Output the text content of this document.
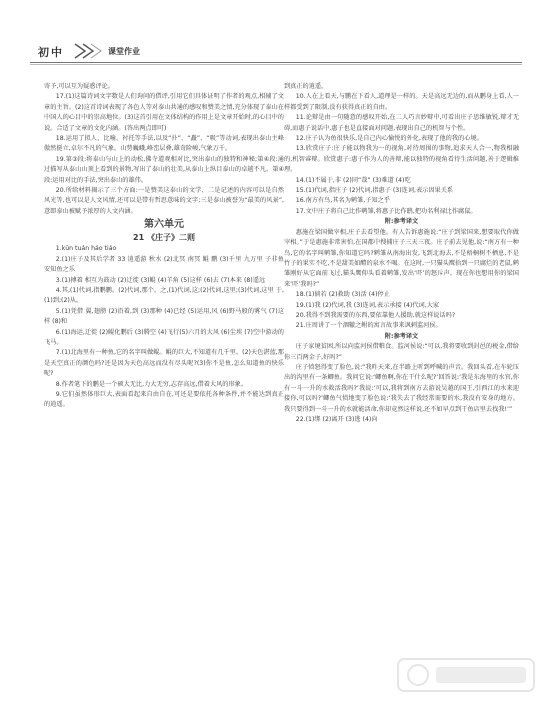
初中	课堂作业

寄予,可以互为疑惑评论。

17.(1)这篇诗词文字数是人们询问的借评,引用它们具体证明了作者的观点,相辅了文章的主旨。(2)这首诗词表现了各色人等对泰山共通的感叹和赞美之情,充分体现了泰山在中国人的心目中的崇高地位。(3)这首引用在文体结构的作用上是文章开始时,的心目中的说。合适了文章的文化内涵。(答出两点即可)

18.运用了拟人、比喻、衬托等手法,以及“扑”、“矗”、“吸”等动词,表现出泰山主峰傲然挺立,卓尔不凡的气象。山势巍峨,峰峦层叠,雄奇险峻,气象万千。

19.第③段:将泰山与山上的动松,佛寺道观相对比,突出泰山的独特和神秘;第④段:通过描写从泰山山顶上看到的景物,写出了泰山的壮美,从泰山上纵目泰山的卓越不凡。第④段:运用对比的手法,突出泰山的雄伟。

20.所给材料揭示了三个方面:一是赞美这泰山的文学、二是记述的内容可以是自然风光等,也可以是人文风情,还可以是带有哲思意味的文字;三是泰山被誉为“最美的风景”,意即泰山被赋予浓厚的人文内涵。

第六单元
21 《庄子》二则

1.kūn tuán háo tiáo

2.(1)庄子及其后学者 33 逍遥游 秋水 (2)北冥 南冥 鲲 鹏 (3)千里 九万里 子非鱼 安知鱼之乐

3.(1)搏着 相互为鼓动 (2)迁徙 (3)鲲 (4)羊角 (5)这样 (6)去 (7)本来 (8)遥远

4.其,(1)代词,指鹏鹏。(2)代词,那个。之,(1)代词,这;(2)代词,这里;(3)代词,这里 于,(1)到;(2)从。

5.(1)凭借 翼,翅膀 (2)沿着,到 (3)那种 (4)已经 (5)运用,风 (6)野马般的雾气 (7)这样 (8)和

6.(1)海运,迁徙 (2)鲲化鹏后 (3)腾空 (4)飞行(5)六月的大风 (6)尘埃 (7)空中游动的飞马。

7.(1)北海里有一种鱼,它的名字叫做鲲。鲲的巨大,不知道有几千里。(2)天色湛蓝,那是天空真正的颜色吗?还是因为天色高远而没有尽头呢?(3)你不是鱼,怎么知道鱼的快乐呢?

8.作者笔下的鹏是一个硕大无比,力大无穷,志存高远,借着大风的形象。

9.它们虽然体形巨大,表面看起来自由自在,可还是要依托各种条件,并不能达到真正的逍遥。

到真正的逍遥。

10.人在上看天,与鹏在下看人,道理是一样的。天是高远无边的,而从鹏身上看,人一样都受到了限制,没有获得真正的自由。

11.论辩是由一句随意的感叹开始,在二人巧言妙辩中,可看出庄子思维敏锐,辩才无碍,而惠子说话中,惠子也是直接面对问题,表现出自己的机智与个性。

12.庄子认为鱼很快乐,是自己内心愉悦的外化,表现了他的我的心境。

13.欣赏庄子:庄子能以物我为一的视角,对待周围的事物,追求天人合一,物我相融的,机智睿辩。欣赏惠子:惠子作为人的善辩,能以独特的视角看待生活问题,善于逻辑推理。

14.(1)不属于,非 (2)同“哉” (3)难道 (4)吃

15.(1)代词,指庄子 (2)代词,指惠子 (3)连词,表示因果关系

16.南方有鸟,其名为鹓雏,子知之乎

17.文中庄子将自己比作鹓雏,将惠子比作鸱,把功名利禄比作腐鼠。

附:参考译文

惠施在梁国做宰相,庄子去看望他。有人告诉惠施说:“庄子到梁国来,想要取代你做宰相。”于是惠施非常害怕,在国都中搜捕庄子三天三夜。庄子前去见他,说:“南方有一种鸟,它的名字叫鹓雏,你知道它吗?鹓雏从南海出发,飞到北海去,不是梧桐树不栖息,不是竹子的果实不吃,不是甜美如醴的泉水不喝。在这时,一只猫头鹰拾到一只腐烂的老鼠,鹓雏刚好从它面前飞过,猫头鹰仰头看着鹓雏,发出‘吓’的怒斥声。现在你也想用你的梁国来‘吓’我吗?”

18.(1)倘若 (2)救助 (3)活 (4)停止

19.(1)我 (2)代词,我 (3)连词,表示承接 (4)代词,大家

20.我得不到我需要的东西,要依靠他人援助,就这样说话吗?

21.庄周讲了一个涸辙之鲋的寓言故事来讽刺监河侯。

附:参考译文

庄子家境贫困,所以向监河侯借粮食。监河侯说:“可以,我将要收到封邑的税金,借给你三百两金子,好吗?”

庄子愤怒得变了脸色,说:“我昨天来,在半路上听到呼喊的声音。我回头看,在车轮压出的沟里有一条鲫鱼。我问它说:‘鲫鱼啊,你在干什么呢?’回答说:‘我是东海里的水官,你有一斗一升的水救活我吗?’我说:‘可以,我将到南方去游说吴越的国王,引西江的水来迎接你,可以吗?’鲫鱼气愤地变了脸色说:‘我失去了我经常需要的水,我没有安身的地方。我只要得到一斗一升的水就能活命,你却竟然这样说,还不如早点到干鱼店里去找我!’”

22.(1)绑 (2)离开 (3)逃 (4)向
